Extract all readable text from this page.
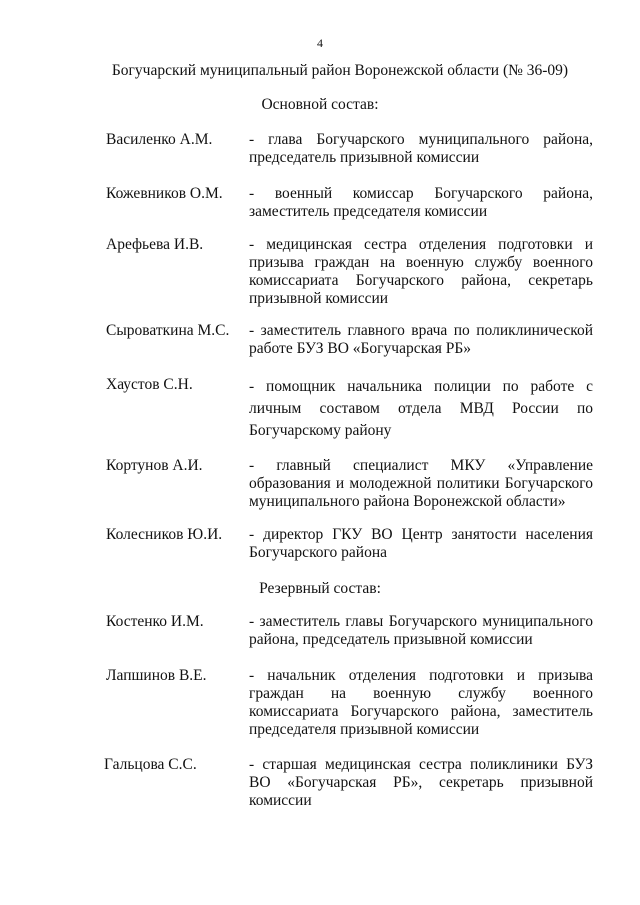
4
Богучарский муниципальный район Воронежской области (№ 36-09)
Основной состав:
Василенко А.М. - глава Богучарского муниципального района, председатель призывной комиссии
Кожевников О.М. - военный комиссар Богучарского района, заместитель председателя комиссии
Арефьева И.В.	- медицинская сестра отделения подготовки и призыва граждан на военную службу военного комиссариата Богучарского района, секретарь призывной комиссии
Сыроваткина М.С. - заместитель главного врача по поликлинической работе БУЗ ВО «Богучарская РБ»
Хаустов С.Н.	- помощник начальника полиции по работе с личным составом отдела МВД России по Богучарскому району
Кортунов А.И.	- главный специалист МКУ «Управление образования и молодежной политики Богучарского муниципального района Воронежской области»
Колесников Ю.И. - директор ГКУ ВО Центр занятости населения Богучарского района
Резервный состав:
Костенко И.М.	- заместитель главы Богучарского муниципального района, председатель призывной комиссии
Лапшинов В.Е.	- начальник отделения подготовки и призыва граждан на военную службу военного комиссариата Богучарского района, заместитель председателя призывной комиссии
Гальцова С.С.	- старшая медицинская сестра поликлиники БУЗ ВО «Богучарская РБ», секретарь призывной комиссии
